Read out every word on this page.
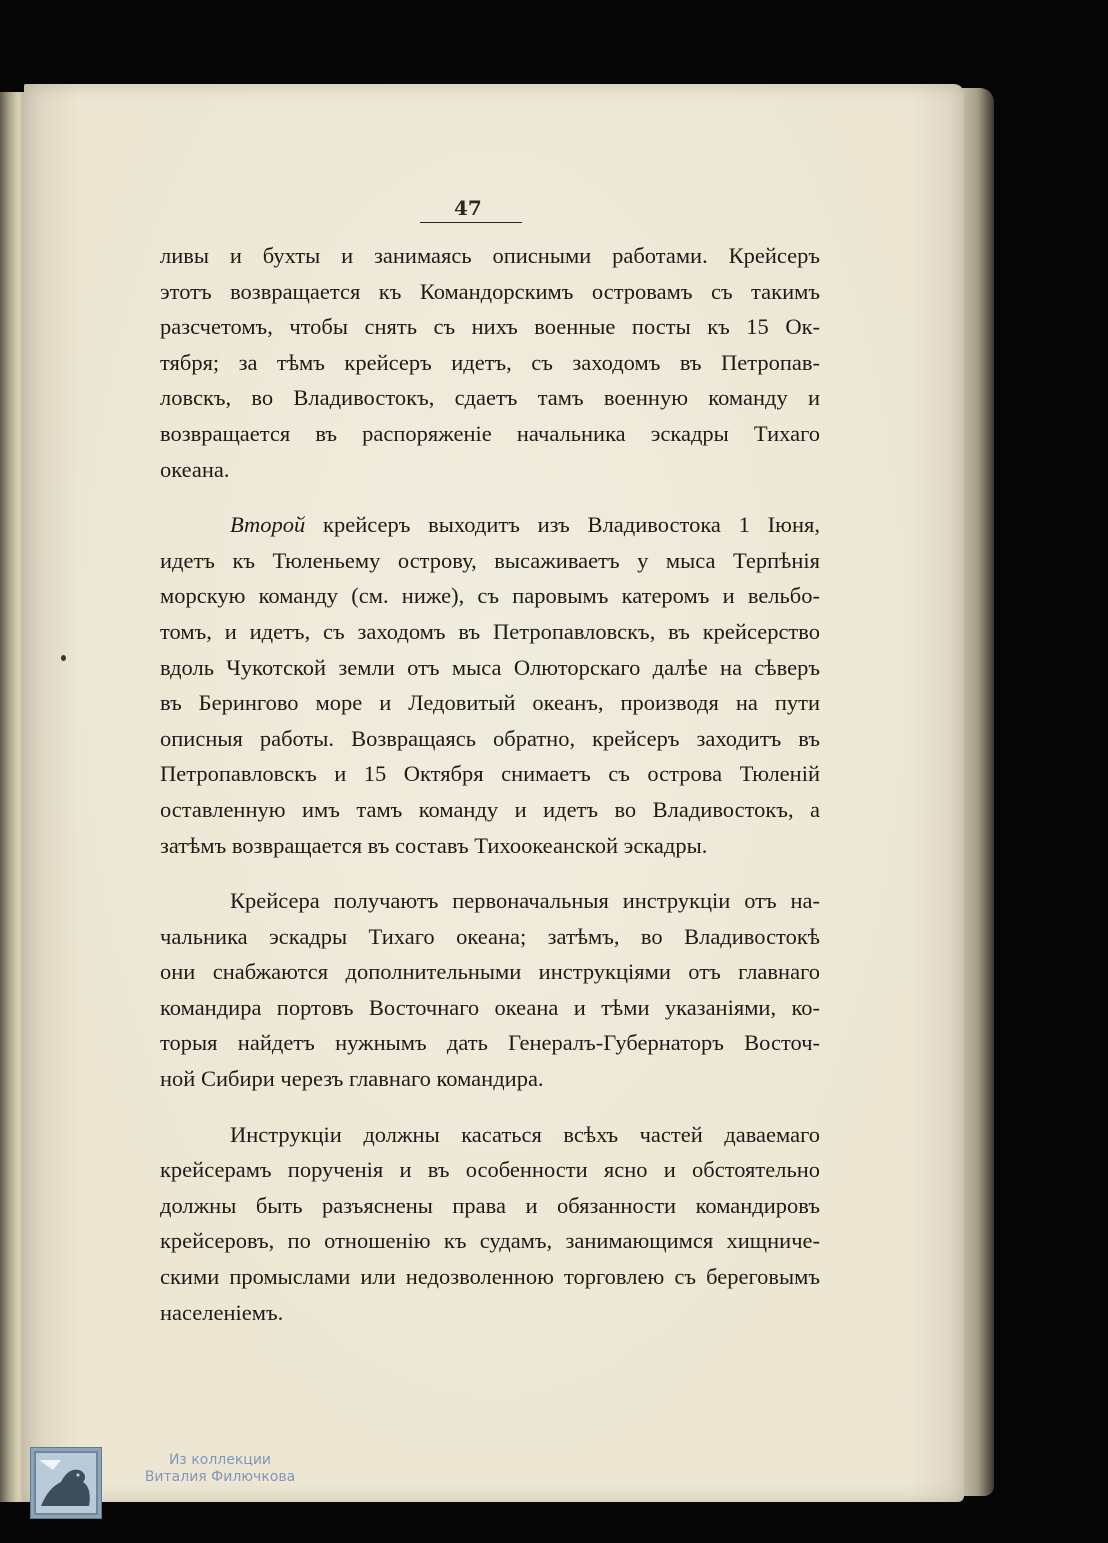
47
ливы и бухты и занимаясь описными работами. Крейсеръ
этотъ возвращается къ Командорскимъ островамъ съ такимъ
разсчетомъ, чтобы снять съ нихъ военные посты къ 15 Ок-
тября; за тѣмъ крейсеръ идетъ, съ заходомъ въ Петропав-
ловскъ, во Владивостокъ, сдаетъ тамъ военную команду и
возвращается въ распоряженіе начальника эскадры Тихаго
океана.
Второй крейсеръ выходитъ изъ Владивостока 1 Іюня,
идетъ къ Тюленьему острову, высаживаетъ у мыса Терпѣнія
морскую команду (см. ниже), съ паровымъ катеромъ и вельбо-
томъ, и идетъ, съ заходомъ въ Петропавловскъ, въ крейсерство
вдоль Чукотской земли отъ мыса Олюторскаго далѣе на сѣверъ
въ Берингово море и Ледовитый океанъ, производя на пути
описныя работы. Возвращаясь обратно, крейсеръ заходитъ въ
Петропавловскъ и 15 Октября снимаетъ съ острова Тюленій
оставленную имъ тамъ команду и идетъ во Владивостокъ, а
затѣмъ возвращается въ составъ Тихоокеанской эскадры.
Крейсера получаютъ первоначальныя инструкціи отъ на-
чальника эскадры Тихаго океана; затѣмъ, во Владивостокѣ
они снабжаются дополнительными инструкціями отъ главнаго
командира портовъ Восточнаго океана и тѣми указаніями, ко-
торыя найдетъ нужнымъ дать Генералъ-Губернаторъ Восточ-
ной Сибири черезъ главнаго командира.
Инструкціи должны касаться всѣхъ частей даваемаго
крейсерамъ порученія и въ особенности ясно и обстоятельно
должны быть разъяснены права и обязанности командировъ
крейсеровъ, по отношенію къ судамъ, занимающимся хищниче-
скими промыслами или недозволенною торговлею съ береговымъ
населеніемъ.
Из коллекции
Виталия Филючкова
